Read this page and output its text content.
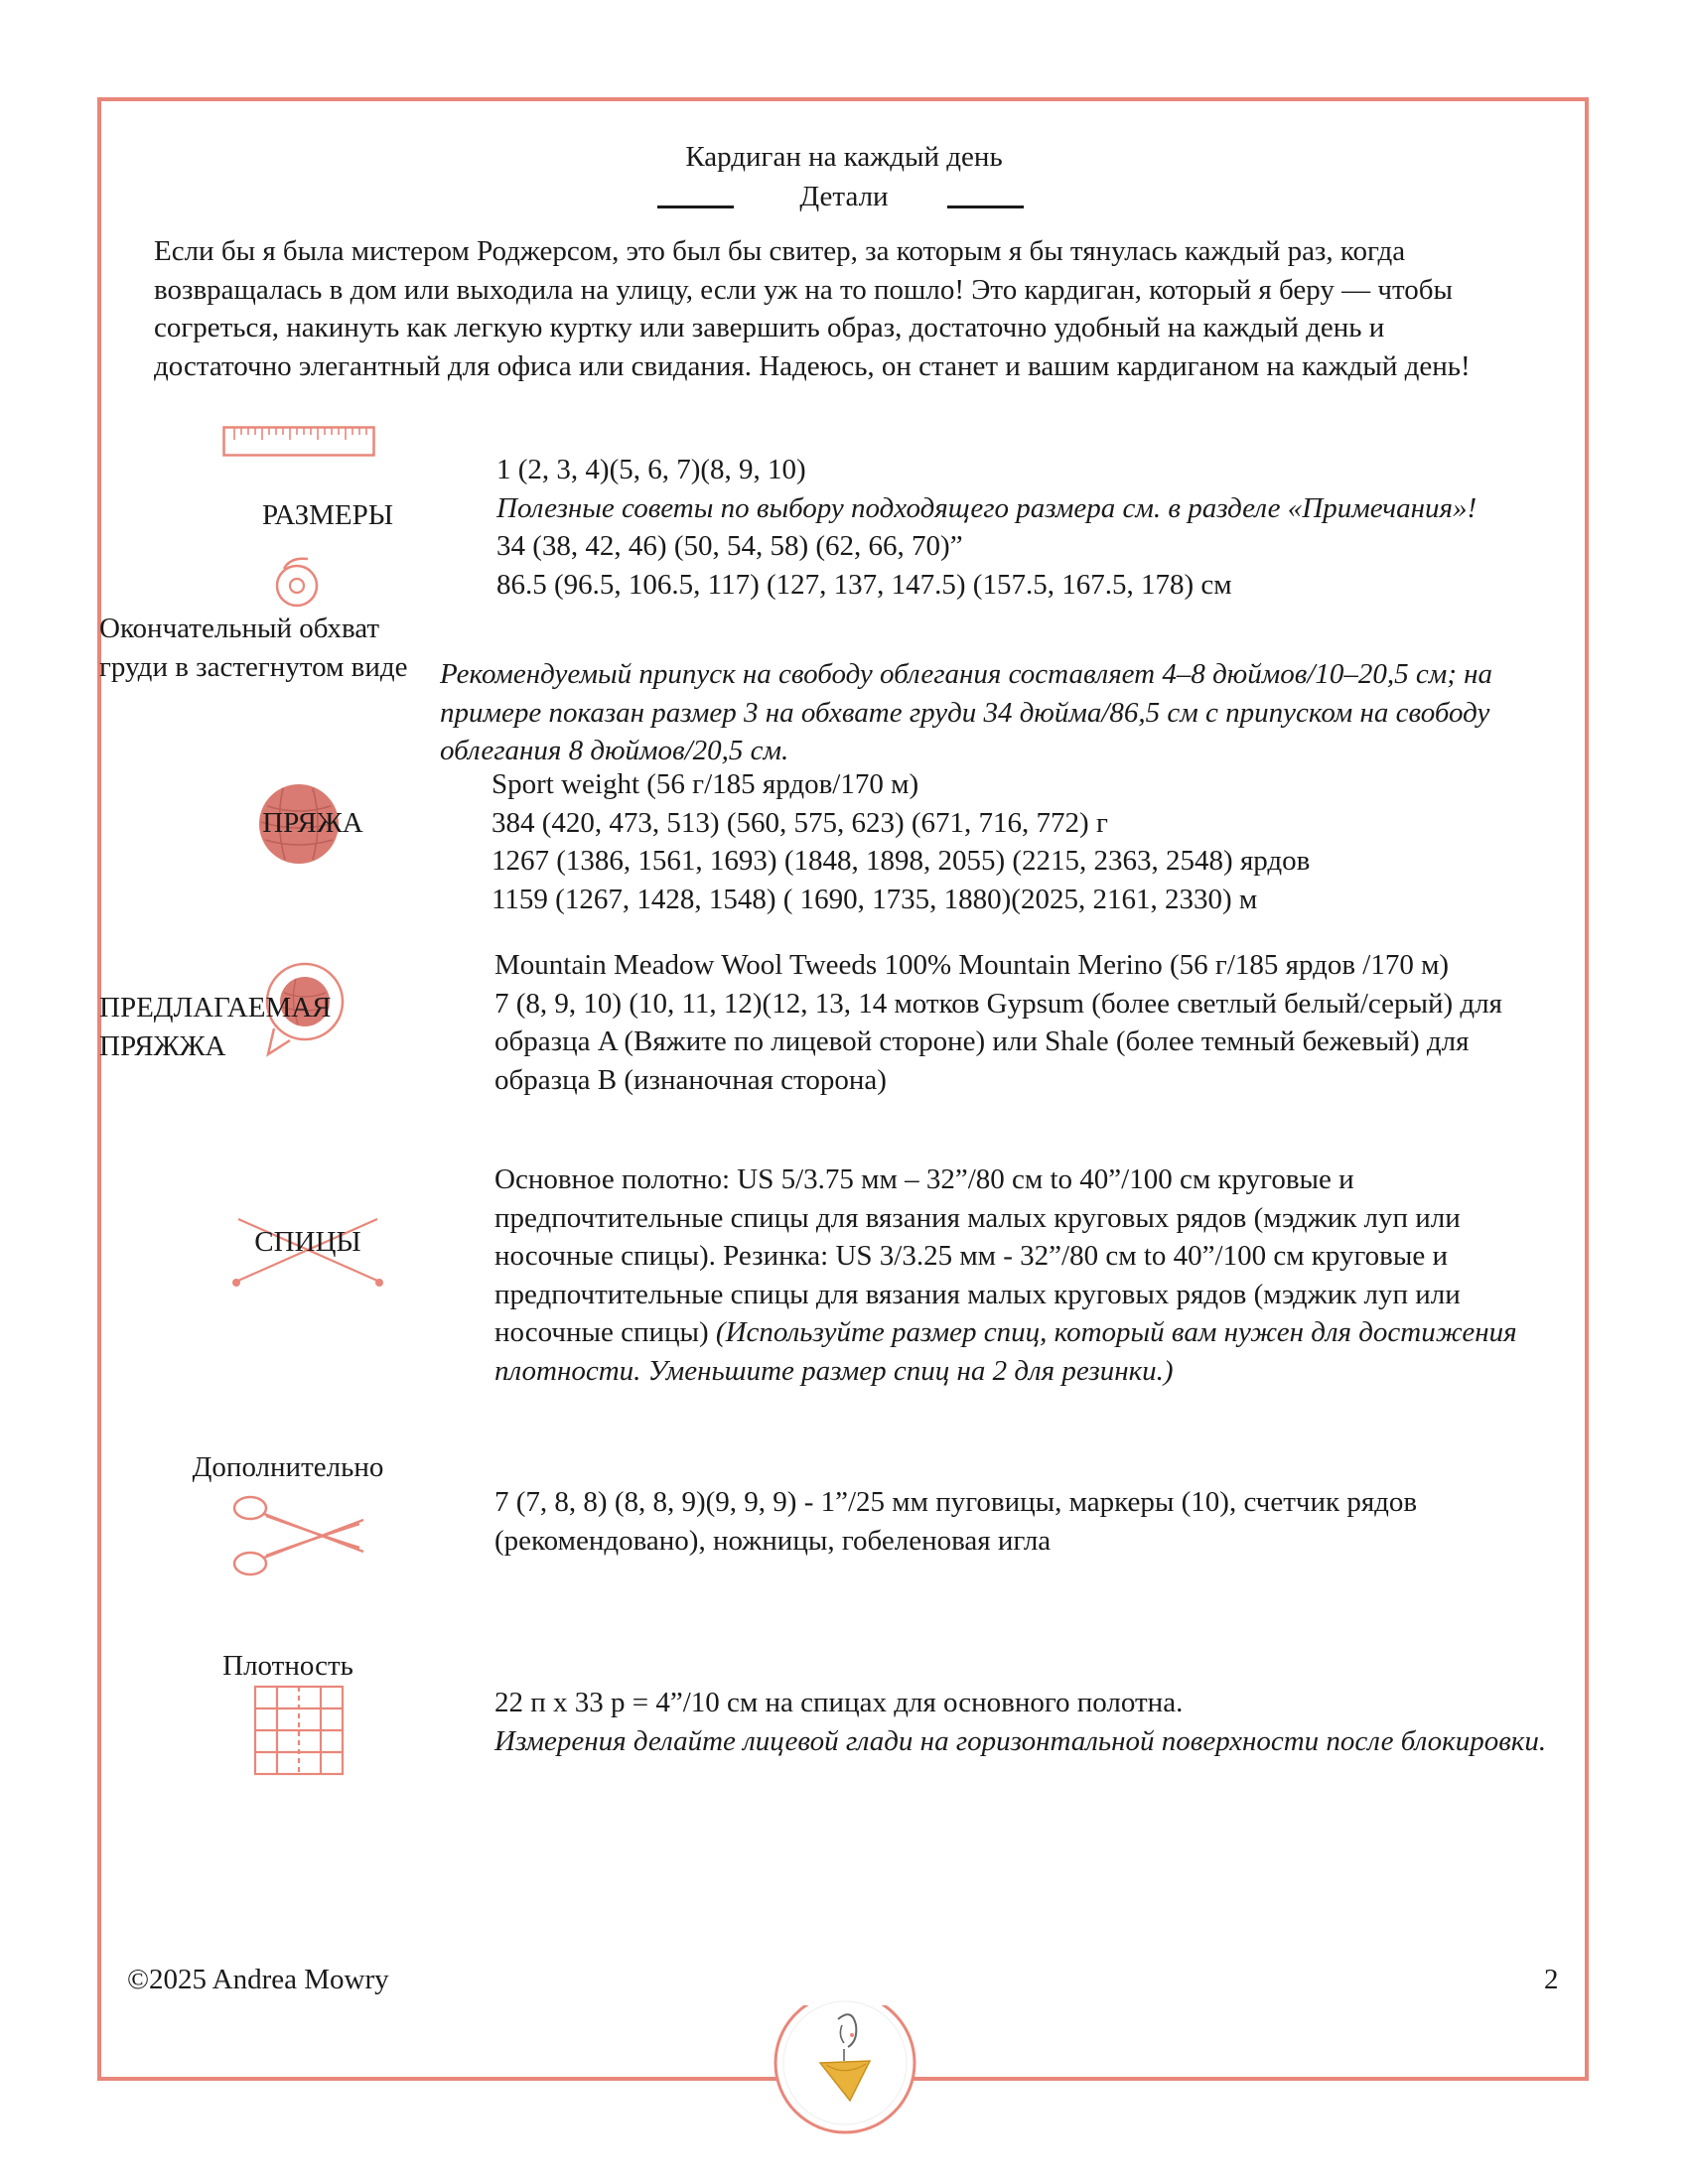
Кардиган на каждый день
Детали
Если бы я была мистером Роджерсом, это был бы свитер, за которым я бы тянулась каждый раз, когда возвращалась в дом или выходила на улицу, если уж на то пошло! Это кардиган, который я беру — чтобы согреться, накинуть как легкую куртку или завершить образ, достаточно удобный на каждый день и достаточно элегантный для офиса или свидания. Надеюсь, он станет и вашим кардиганом на каждый день!
РАЗМЕРЫ

1 (2, 3, 4)(5, 6, 7)(8, 9, 10)

Полезные советы по выбору подходящего размера см. в разделе «Примечания»!

34 (38, 42, 46) (50, 54, 58) (62, 66, 70)”

86.5 (96.5, 106.5, 117) (127, 137, 147.5) (157.5, 167.5, 178) см

Окончательный обхват груди в застегнутом виде	Рекомендуемый припуск на свободу облегания составляет 4–8 дюймов/10–20,5 см; на примере показан размер 3 на обхвате груди 34 дюйма/86,5 см с припуском на свободу облегания 8 дюймов/20,5 см.
ПРЯЖА

Sport weight (56 г/185 ярдов/170 м)

384 (420, 473, 513) (560, 575, 623) (671, 716, 772) г

1267 (1386, 1561, 1693) (1848, 1898, 2055) (2215, 2363, 2548) ярдов

1159 (1267, 1428, 1548) ( 1690, 1735, 1880)(2025, 2161, 2330) м

ПРЕДЛАГАЕМАЯ ПРЯЖЖА

Mountain Meadow Wool Tweeds 100% Mountain Merino (56 г/185 ярдов /170 м)

7 (8, 9, 10) (10, 11, 12)(12, 13, 14 мотков Gypsum (более светлый белый/серый) для образца A (Вяжите по лицевой стороне) или Shale (более темный бежевый) для образца B (изнаночная сторона)

СПИЦЫ

Основное полотно: US 5/3.75 мм – 32”/80 см to 40”/100 см круговые и предпочтительные спицы для вязания малых круговых рядов (мэджик луп или носочные спицы). Резинка: US 3/3.25 мм - 32”/80 см to 40”/100 см круговые и предпочтительные спицы для вязания малых круговых рядов (мэджик луп или носочные спицы) (Используйте размер спиц, который вам нужен для достижения плотности. Уменьшите размер спиц на 2 для резинки.)

Дополнительно
7 (7, 8, 8) (8, 8, 9)(9, 9, 9) - 1”/25 мм пуговицы, маркеры (10), счетчик рядов (рекомендовано), ножницы, гобеленовая игла
Плотность

22 п x 33 р = 4”/10 см на спицах для основного полотна.

Измерения делайте лицевой глади на горизонтальной поверхности после блокировки.

©2025 Andrea Mowry	2
